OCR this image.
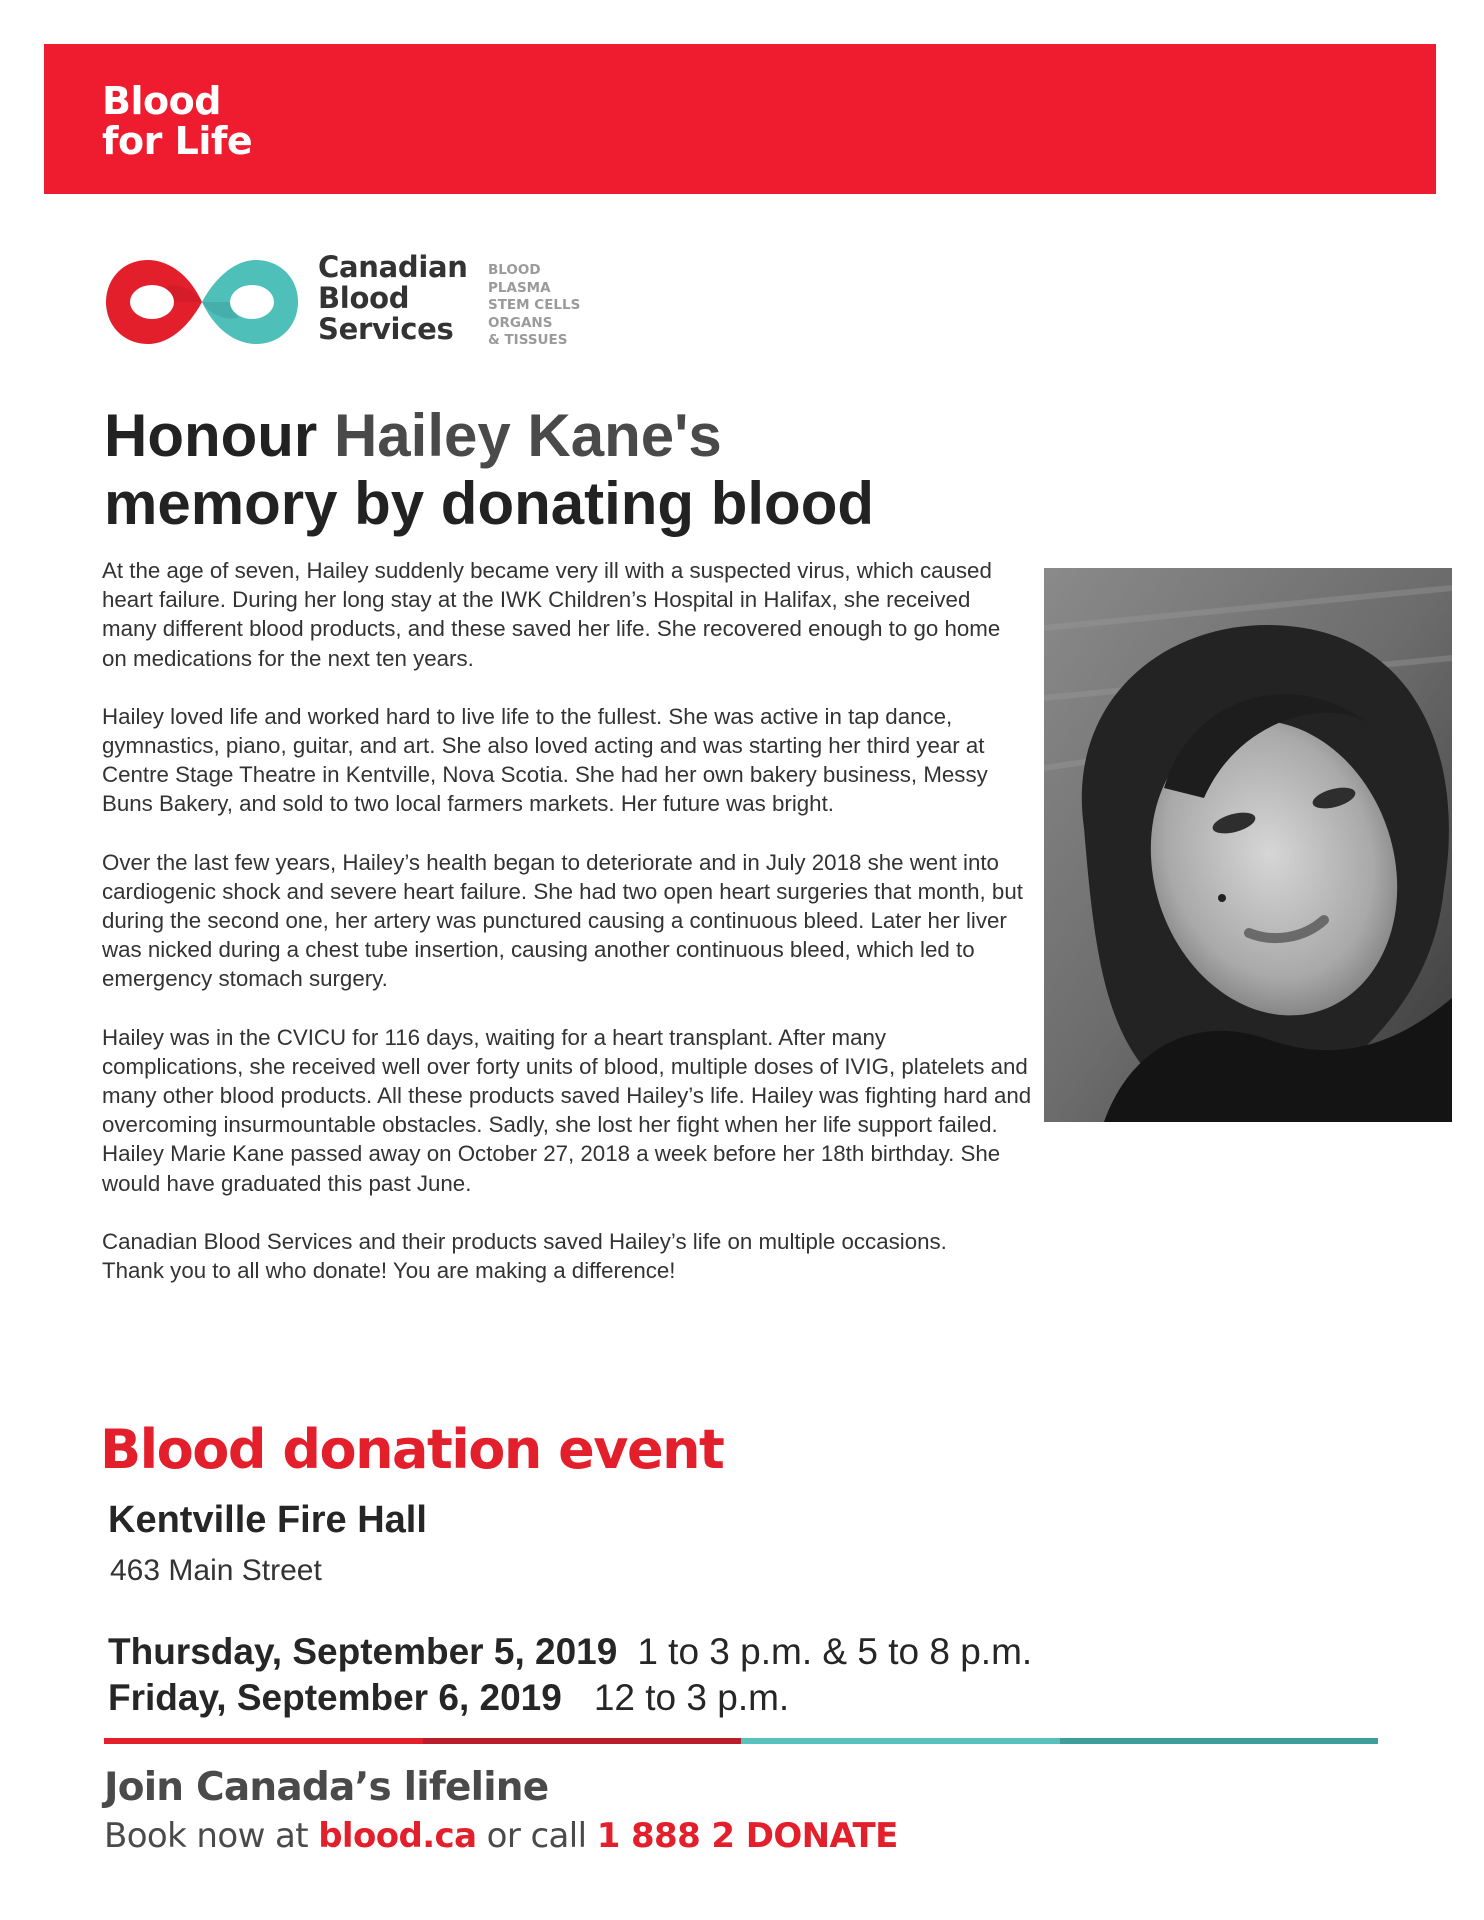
Blood
for Life
Canadian
Blood
Services
BLOOD
PLASMA
STEM CELLS
ORGANS
& TISSUES
Honour Hailey Kane's
memory by donating blood

At the age of seven, Hailey suddenly became very ill with a suspected virus, which caused heart failure. During her long stay at the IWK Children’s Hospital in Halifax, she received many different blood products, and these saved her life. She recovered enough to go home on medications for the next ten years.

Hailey loved life and worked hard to live life to the fullest. She was active in tap dance, gymnastics, piano, guitar, and art. She also loved acting and was starting her third year at Centre Stage Theatre in Kentville, Nova Scotia. She had her own bakery business, Messy Buns Bakery, and sold to two local farmers markets. Her future was bright.

Over the last few years, Hailey’s health began to deteriorate and in July 2018 she went into cardiogenic shock and severe heart failure. She had two open heart surgeries that month, but during the second one, her artery was punctured causing a continuous bleed. Later her liver was nicked during a chest tube insertion, causing another continuous bleed, which led to emergency stomach surgery.

Hailey was in the CVICU for 116 days, waiting for a heart transplant. After many complications, she received well over forty units of blood, multiple doses of IVIG, platelets and many other blood products. All these products saved Hailey’s life. Hailey was fighting hard and overcoming insurmountable obstacles. Sadly, she lost her fight when her life support failed. Hailey Marie Kane passed away on October 27, 2018 a week before her 18th birthday. She would have graduated this past June.

Canadian Blood Services and their products saved Hailey’s life on multiple occasions. Thank you to all who donate! You are making a difference!

Blood donation event
Kentville Fire Hall
463 Main Street
Thursday, September 5, 2019 1 to 3 p.m. & 5 to 8 p.m.
Friday, September 6, 2019 12 to 3 p.m.
Join Canada’s lifeline
Book now at blood.ca or call 1 888 2 DONATE
